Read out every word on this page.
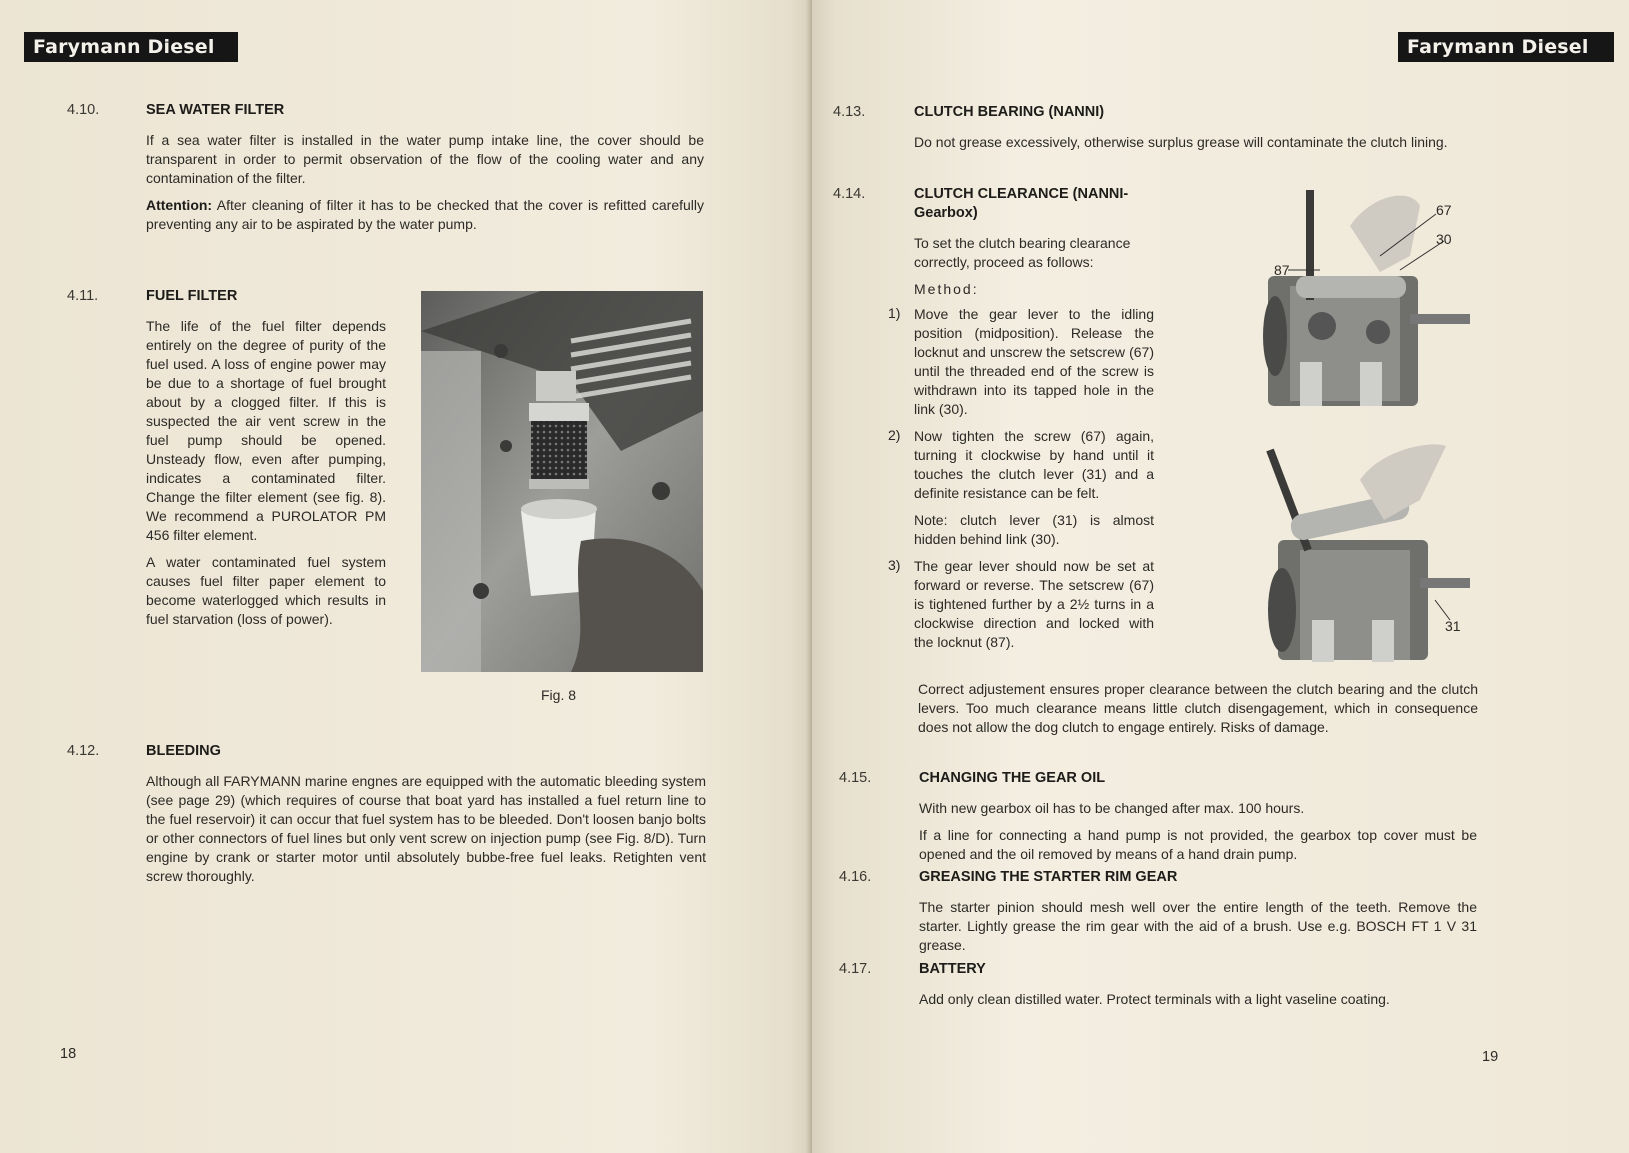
Farymann Diesel
4.10.	SEA WATER FILTER

If a sea water filter is installed in the water pump intake line, the cover should be transparent in order to permit observation of the flow of the cooling water and any contamination of the filter.

Attention: After cleaning of filter it has to be checked that the cover is refitted carefully preventing any air to be aspirated by the water pump.

4.11.	FUEL FILTER

The life of the fuel filter depends entirely on the degree of purity of the fuel used. A loss of engine power may be due to a shortage of fuel brought about by a clogged filter. If this is suspected the air vent screw in the fuel pump should be opened. Unsteady flow, even after pumping, indicates a contaminated filter. Change the filter element (see fig. 8). We recommend a PUROLATOR PM 456 filter element.

A water contaminated fuel system causes fuel filter paper element to become waterlogged which results in fuel starvation (loss of power).

Fig. 8
4.12.	BLEEDING

Although all FARYMANN marine engnes are equipped with the automatic bleeding system (see page 29) (which requires of course that boat yard has installed a fuel return line to the fuel reservoir) it can occur that fuel system has to be bleeded. Don't loosen banjo bolts or other connectors of fuel lines but only vent screw on injection pump (see Fig. 8/D). Turn engine by crank or starter motor until absolutely bubbe-free fuel leaks. Retighten vent screw thoroughly.

18
Farymann Diesel
4.13.	CLUTCH BEARING (NANNI)

Do not grease excessively, otherwise surplus grease will contaminate the clutch lining.

4.14.	CLUTCH CLEARANCE (NANNI-Gearbox)

To set the clutch bearing clearance correctly, proceed as follows:

Method:

1) Move the gear lever to the idling position (midposition). Release the locknut and unscrew the setscrew (67) until the threaded end of the screw is withdrawn into its tapped hole in the link (30).

2) Now tighten the screw (67) again, turning it clockwise by hand until it touches the clutch lever (31) and a definite resistance can be felt.

Note: clutch lever (31) is almost hidden behind link (30).

3) The gear lever should now be set at forward or reverse. The setscrew (67) is tightened further by a 2½ turns in a clockwise direction and locked with the locknut (87).

67
30
87
31

Correct adjustement ensures proper clearance between the clutch bearing and the clutch levers. Too much clearance means little clutch disengagement, which in consequence does not allow the dog clutch to engage entirely. Risks of damage.

4.15.	CHANGING THE GEAR OIL

With new gearbox oil has to be changed after max. 100 hours.

If a line for connecting a hand pump is not provided, the gearbox top cover must be opened and the oil removed by means of a hand drain pump.

4.16.	GREASING THE STARTER RIM GEAR

The starter pinion should mesh well over the entire length of the teeth. Remove the starter. Lightly grease the rim gear with the aid of a brush. Use e.g. BOSCH FT 1 V 31 grease.

4.17.	BATTERY

Add only clean distilled water. Protect terminals with a light vaseline coating.

19
